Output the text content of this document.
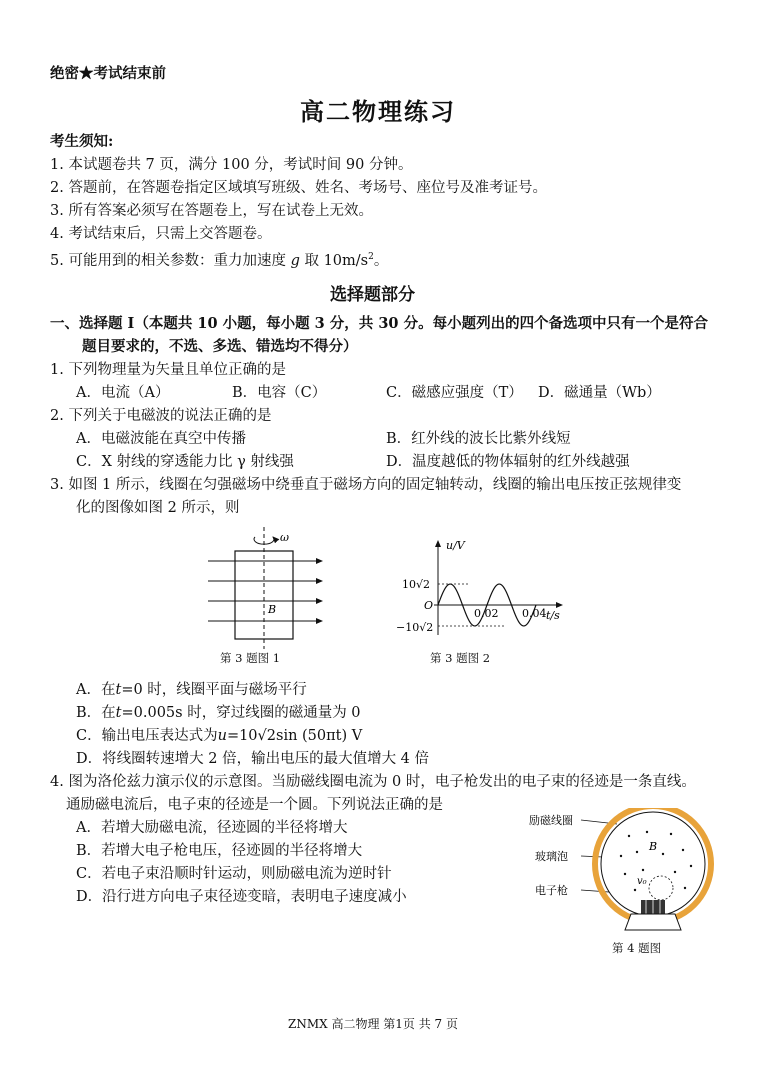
绝密★考试结束前
高二物理练习
考生须知:
1. 本试题卷共 7 页，满分 100 分，考试时间 90 分钟。
2. 答题前，在答题卷指定区域填写班级、姓名、考场号、座位号及准考证号。
3. 所有答案必须写在答题卷上，写在试卷上无效。
4. 考试结束后，只需上交答题卷。
5. 可能用到的相关参数：重力加速度 g 取 $10m/s^2$。
选择题部分
一、选择题 I（本题共 10 小题，每小题 3 分，共 30 分。每小题列出的四个备选项中只有一个是符合
题目要求的，不选、多选、错选均不得分）
1. 下列物理量为矢量且单位正确的是
A．电流（A）	B．电容（C）	C．磁感应强度（T） D．磁通量（Wb）
2. 下列关于电磁波的说法正确的是
A．电磁波能在真空中传播	B．红外线的波长比紫外线短
C．X 射线的穿透能力比 γ 射线强	D．温度越低的物体辐射的红外线越强
3. 如图 1 所示，线圈在匀强磁场中绕垂直于磁场方向的固定轴转动，线圈的输出电压按正弦规律变
化的图像如图 2 所示，则
ω
B
第 3 题图 1
u/V
t/s
O
10√2
−10√2
0.02 0.04
第 3 题图 2
A．在t=0 时，线圈平面与磁场平行
B．在t=0.005s 时，穿过线圈的磁通量为 0
C．输出电压表达式为u=10√2sin (50πt) V
D．将线圈转速增大 2 倍，输出电压的最大值增大 4 倍
4. 图为洛伦兹力演示仪的示意图。当励磁线圈电流为 0 时，电子枪发出的电子束的径迹是一条直线。
通励磁电流后，电子束的径迹是一个圆。下列说法正确的是
A．若增大励磁电流，径迹圆的半径将增大
B．若增大电子枪电压，径迹圆的半径将增大
C．若电子束沿顺时针运动，则励磁电流为逆时针
D．沿行进方向电子束径迹变暗，表明电子速度减小
励磁线圈
玻璃泡
电子枪
B
v₀
第 4 题图
ZNMX 高二物理 第1页 共 7 页
